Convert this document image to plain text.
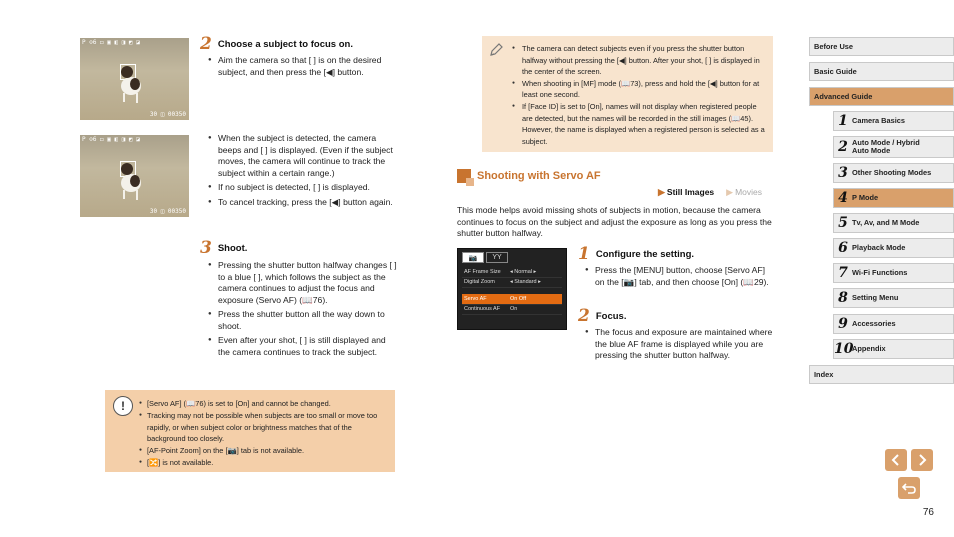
P ⊙6 ◻ ▣ ◧ ◨ ◩ ◪
30 ◫ 00350
P ⊙6 ◻ ▣ ◧ ◨ ◩ ◪
30 ◫ 00350
2 Choose a subject to focus on.
● Aim the camera so that [ ] is on the desired subject, and then press the [◀] button.
● When the subject is detected, the camera beeps and [ ] is displayed. (Even if the subject moves, the camera will continue to track the subject within a certain range.)
● If no subject is detected, [ ] is displayed.
● To cancel tracking, press the [◀] button again.
3 Shoot.
● Pressing the shutter button halfway changes [ ] to a blue [ ], which follows the subject as the camera continues to adjust the focus and exposure (Servo AF) (📖76).
● Press the shutter button all the way down to shoot.
● Even after your shot, [ ] is still displayed and the camera continues to track the subject.
!
●	[Servo AF] (📖76) is set to [On] and cannot be changed.
● Tracking may not be possible when subjects are too small or move too rapidly, or when subject color or brightness matches that of the background too closely.
● [AF-Point Zoom] on the [📷] tab is not available.
● [🔀] is not available.
● The camera can detect subjects even if you press the shutter button halfway without pressing the [◀] button. After your shot, [ ] is displayed in the center of the screen.
● When shooting in [MF] mode (📖73), press and hold the [◀] button for at least one second.
● If [Face ID] is set to [On], names will not display when registered people are detected, but the names will be recorded in the still images (📖45). However, the name is displayed when a registered person is selected as a subject.
Shooting with Servo AF
▶ Still Images ▶ Movies
This mode helps avoid missing shots of subjects in motion, because the camera continues to focus on the subject and adjust the exposure as long as you press the shutter button halfway.
📷	ΥΥ
AF Frame Size	◂ Normal ▸
Digital Zoom	◂ Standard ▸
Servo AF	On Off
Continuous AF	On
1 Configure the setting.
● Press the [MENU] button, choose [Servo AF] on the [📷] tab, and then choose [On] (📖29).
2 Focus.
● The focus and exposure are maintained where the blue AF frame is displayed while you are pressing the shutter button halfway.
Before Use
Basic Guide
Advanced Guide
1 Camera Basics
2 Auto Mode / Hybrid Auto Mode
3 Other Shooting Modes
4 P Mode
5 Tv, Av, and M Mode
6 Playback Mode
7 Wi-Fi Functions
8 Setting Menu
9 Accessories
10
Appendix
Index
76
